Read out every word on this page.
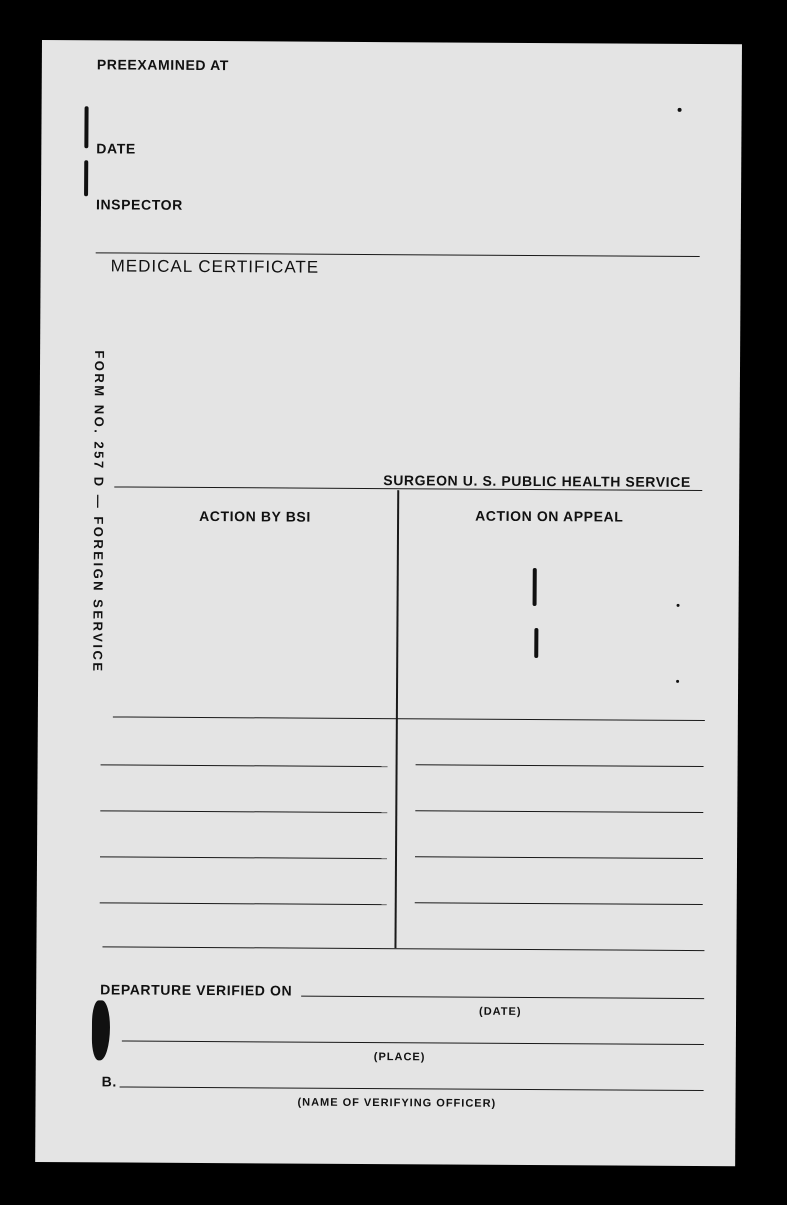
PREEXAMINED AT
DATE
INSPECTOR
MEDICAL CERTIFICATE
FORM NO. 257 D — FOREIGN SERVICE	SURGEON U. S. PUBLIC HEALTH SERVICE
ACTION BY BSI	ACTION ON APPEAL
DEPARTURE VERIFIED ON
(DATE)
(PLACE)
B.
(NAME OF VERIFYING OFFICER)
